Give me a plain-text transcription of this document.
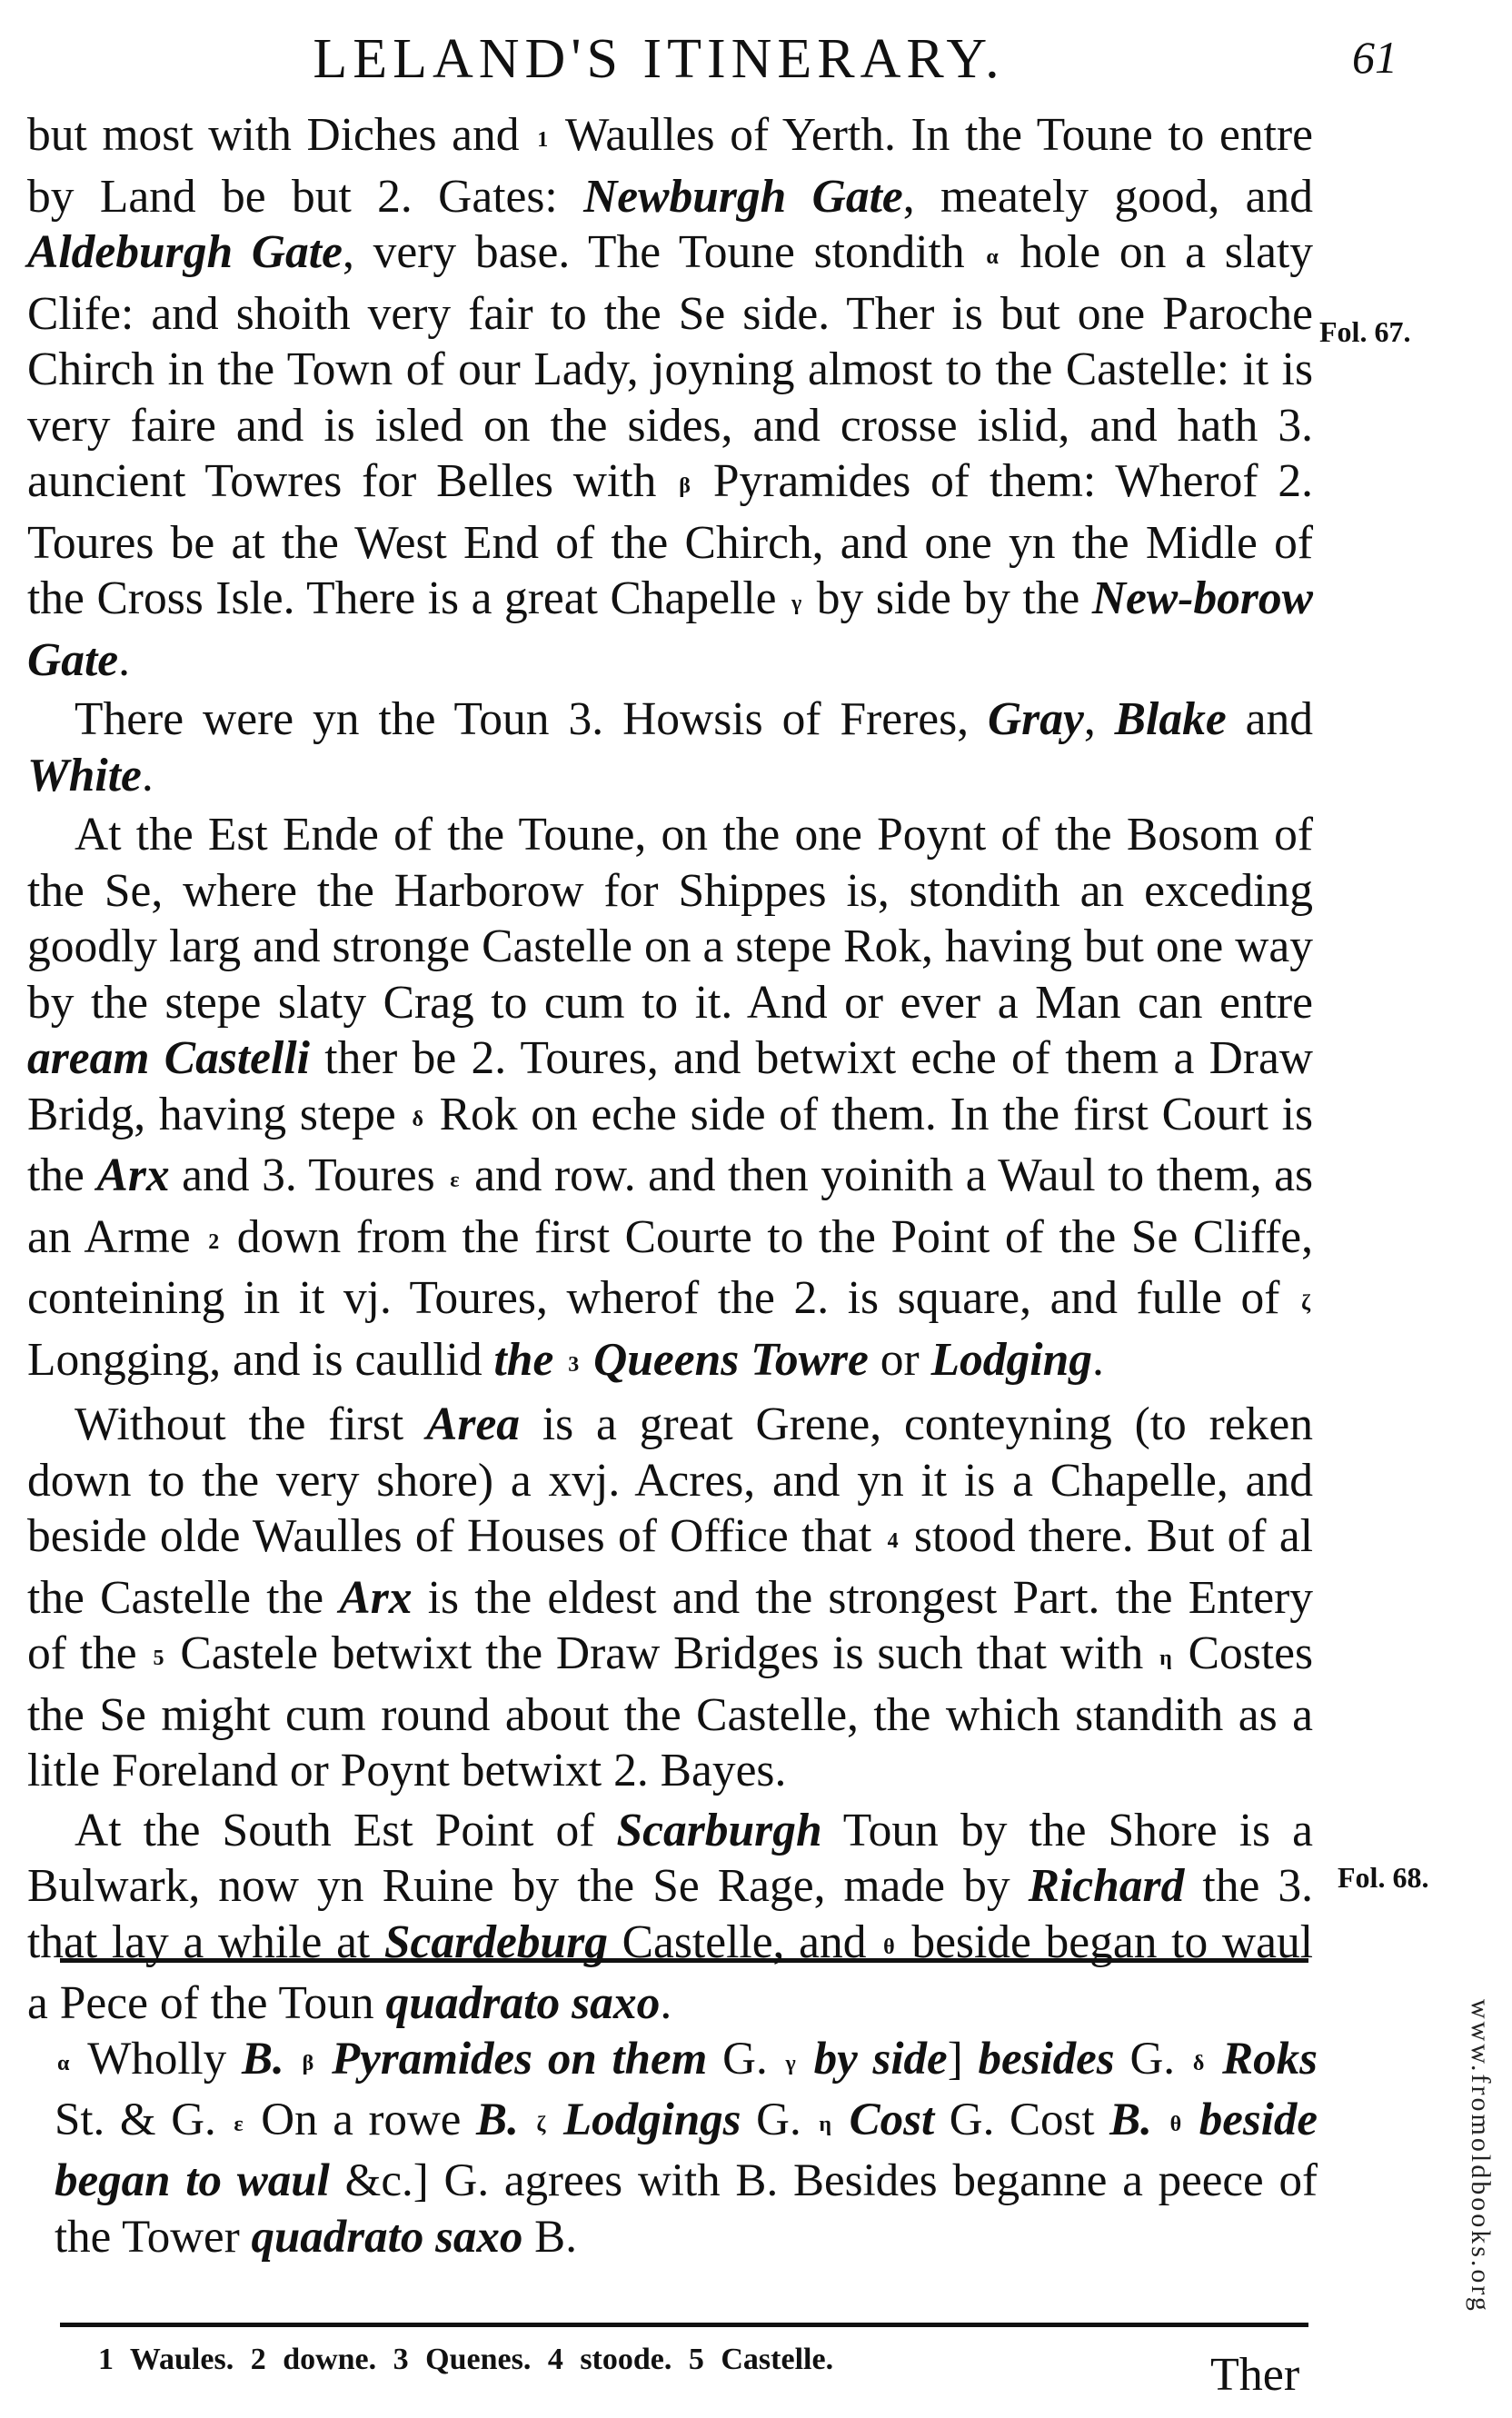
LELAND'S ITINERARY.	61

but most with Diches and 1 Waulles of Yerth. In the Toune to entre by Land be but 2. Gates: Newburgh Gate, meately good, and Aldeburgh Gate, very base. The Toune stondith α hole on a slaty Clife: and shoith very fair to the Se side. Ther is but one Paroche Chirch in the Town of our Lady, joyning almost to the Castelle: it is very faire and is isled on the sides, and crosse islid, and hath 3. auncient Towres for Belles with β Pyramides of them: Wherof 2. Toures be at the West End of the Chirch, and one yn the Midle of the Cross Isle. There is a great Chapelle γ by side by the New-borow Gate.

There were yn the Toun 3. Howsis of Freres, Gray, Blake and White.

At the Est Ende of the Toune, on the one Poynt of the Bosom of the Se, where the Harborow for Shippes is, stondith an exceding goodly larg and stronge Castelle on a stepe Rok, having but one way by the stepe slaty Crag to cum to it. And or ever a Man can entre aream Castelli ther be 2. Toures, and betwixt eche of them a Draw Bridg, having stepe δ Rok on eche side of them. In the first Court is the Arx and 3. Toures ε and row. and then yoinith a Waul to them, as an Arme 2 down from the first Courte to the Point of the Se Cliffe, conteining in it vj. Toures, wherof the 2. is square, and fulle of ζ Longging, and is caullid the 3 Queens Towre or Lodging.

Without the first Area is a great Grene, conteyning (to reken down to the very shore) a xvj. Acres, and yn it is a Chapelle, and beside olde Waulles of Houses of Office that 4 stood there. But of al the Castelle the Arx is the eldest and the strongest Part. the Entery of the 5 Castele betwixt the Draw Bridges is such that with η Costes the Se might cum round about the Castelle, the which standith as a litle Foreland or Poynt betwixt 2. Bayes.

At the South Est Point of Scarburgh Toun by the Shore is a Bulwark, now yn Ruine by the Se Rage, made by Richard the 3. that lay a while at Scardeburg Castelle, and θ beside began to waul a Pece of the Toun quadrato saxo.

Fol. 67.
Fol. 68.

α Wholly B. β Pyramides on them G. γ by side] besides G. δ Roks St. & G. ε On a rowe B. ζ Lodgings G. η Cost G. Cost B. θ beside began to waul &c.] G. agrees with B. Besides beganne a peece of the Tower quadrato saxo B.

1 Waules. 2 downe. 3 Quenes. 4 stoode. 5 Castelle.	Ther
www.fromoldbooks.org
